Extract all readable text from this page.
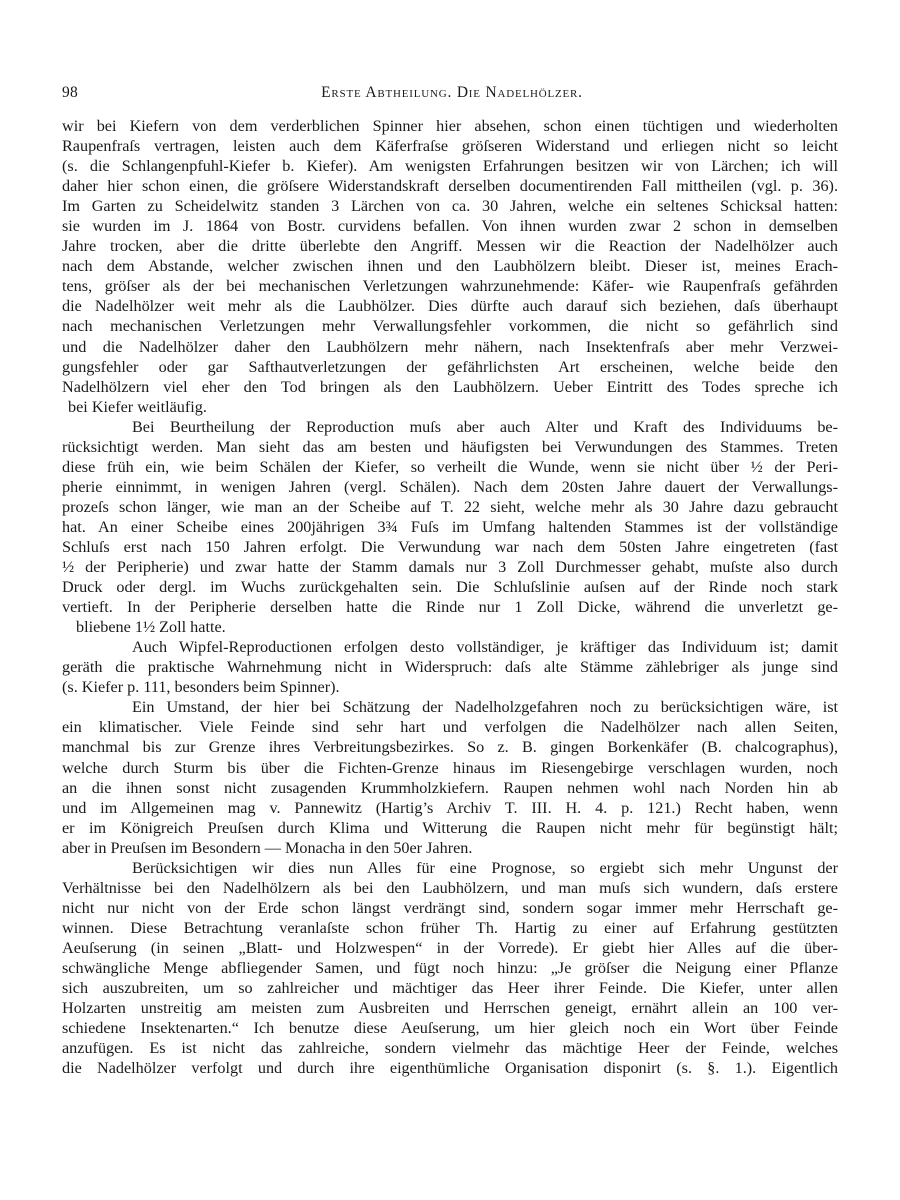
98	Erste Abtheilung. Die Nadelhölzer.
wir bei Kiefern von dem verderblichen Spinner hier absehen, schon einen tüchtigen und wiederholten
Raupenfraſs vertragen, leisten auch dem Käferfraſse gröſseren Widerstand und erliegen nicht so leicht
(s. die Schlangenpfuhl-Kiefer b. Kiefer). Am wenigsten Erfahrungen besitzen wir von Lärchen; ich will
daher hier schon einen, die gröſsere Widerstandskraft derselben documentirenden Fall mittheilen (vgl. p. 36).
Im Garten zu Scheidelwitz standen 3 Lärchen von ca. 30 Jahren, welche ein seltenes Schicksal hatten:
sie wurden im J. 1864 von Bostr. curvidens befallen. Von ihnen wurden zwar 2 schon in demselben
Jahre trocken, aber die dritte überlebte den Angriff. Messen wir die Reaction der Nadelhölzer auch
nach dem Abstande, welcher zwischen ihnen und den Laubhölzern bleibt. Dieser ist, meines Erach-
tens, gröſser als der bei mechanischen Verletzungen wahrzunehmende: Käfer- wie Raupenfraſs gefährden
die Nadelhölzer weit mehr als die Laubhölzer. Dies dürfte auch darauf sich beziehen, daſs überhaupt
nach mechanischen Verletzungen mehr Verwallungsfehler vorkommen, die nicht so gefährlich sind
und die Nadelhölzer daher den Laubhölzern mehr nähern, nach Insektenfraſs aber mehr Verzwei-
gungsfehler oder gar Safthautverletzungen der gefährlichsten Art erscheinen, welche beide den
Nadelhölzern viel eher den Tod bringen als den Laubhölzern. Ueber Eintritt des Todes spreche ich
bei Kiefer weitläufig.
Bei Beurtheilung der Reproduction muſs aber auch Alter und Kraft des Individuums be-
rücksichtigt werden. Man sieht das am besten und häufigsten bei Verwundungen des Stammes. Treten
diese früh ein, wie beim Schälen der Kiefer, so verheilt die Wunde, wenn sie nicht über ½ der Peri-
pherie einnimmt, in wenigen Jahren (vergl. Schälen). Nach dem 20sten Jahre dauert der Verwallungs-
prozeſs schon länger, wie man an der Scheibe auf T. 22 sieht, welche mehr als 30 Jahre dazu gebraucht
hat. An einer Scheibe eines 200jährigen 3¾ Fuſs im Umfang haltenden Stammes ist der vollständige
Schluſs erst nach 150 Jahren erfolgt. Die Verwundung war nach dem 50sten Jahre eingetreten (fast
½ der Peripherie) und zwar hatte der Stamm damals nur 3 Zoll Durchmesser gehabt, muſste also durch
Druck oder dergl. im Wuchs zurückgehalten sein. Die Schluſslinie auſsen auf der Rinde noch stark
vertieft. In der Peripherie derselben hatte die Rinde nur 1 Zoll Dicke, während die unverletzt ge-
bliebene 1½ Zoll hatte.
Auch Wipfel-Reproductionen erfolgen desto vollständiger, je kräftiger das Individuum ist; damit
geräth die praktische Wahrnehmung nicht in Widerspruch: daſs alte Stämme zählebriger als junge sind
(s. Kiefer p. 111, besonders beim Spinner).
Ein Umstand, der hier bei Schätzung der Nadelholzgefahren noch zu berücksichtigen wäre, ist
ein klimatischer. Viele Feinde sind sehr hart und verfolgen die Nadelhölzer nach allen Seiten,
manchmal bis zur Grenze ihres Verbreitungsbezirkes. So z. B. gingen Borkenkäfer (B. chalcographus),
welche durch Sturm bis über die Fichten-Grenze hinaus im Riesengebirge verschlagen wurden, noch
an die ihnen sonst nicht zusagenden Krummholzkiefern. Raupen nehmen wohl nach Norden hin ab
und im Allgemeinen mag v. Pannewitz (Hartig’s Archiv T. III. H. 4. p. 121.) Recht haben, wenn
er im Königreich Preuſsen durch Klima und Witterung die Raupen nicht mehr für begünstigt hält;
aber in Preuſsen im Besondern — Monacha in den 50er Jahren.
Berücksichtigen wir dies nun Alles für eine Prognose, so ergiebt sich mehr Ungunst der
Verhältnisse bei den Nadelhölzern als bei den Laubhölzern, und man muſs sich wundern, daſs erstere
nicht nur nicht von der Erde schon längst verdrängt sind, sondern sogar immer mehr Herrschaft ge-
winnen. Diese Betrachtung veranlaſste schon früher Th. Hartig zu einer auf Erfahrung gestützten
Aeuſserung (in seinen „Blatt- und Holzwespen“ in der Vorrede). Er giebt hier Alles auf die über-
schwängliche Menge abfliegender Samen, und fügt noch hinzu: „Je gröſser die Neigung einer Pflanze
sich auszubreiten, um so zahlreicher und mächtiger das Heer ihrer Feinde. Die Kiefer, unter allen
Holzarten unstreitig am meisten zum Ausbreiten und Herrschen geneigt, ernährt allein an 100 ver-
schiedene Insektenarten.“ Ich benutze diese Aeuſserung, um hier gleich noch ein Wort über Feinde
anzufügen. Es ist nicht das zahlreiche, sondern vielmehr das mächtige Heer der Feinde, welches
die Nadelhölzer verfolgt und durch ihre eigenthümliche Organisation disponirt (s. §. 1.). Eigentlich
